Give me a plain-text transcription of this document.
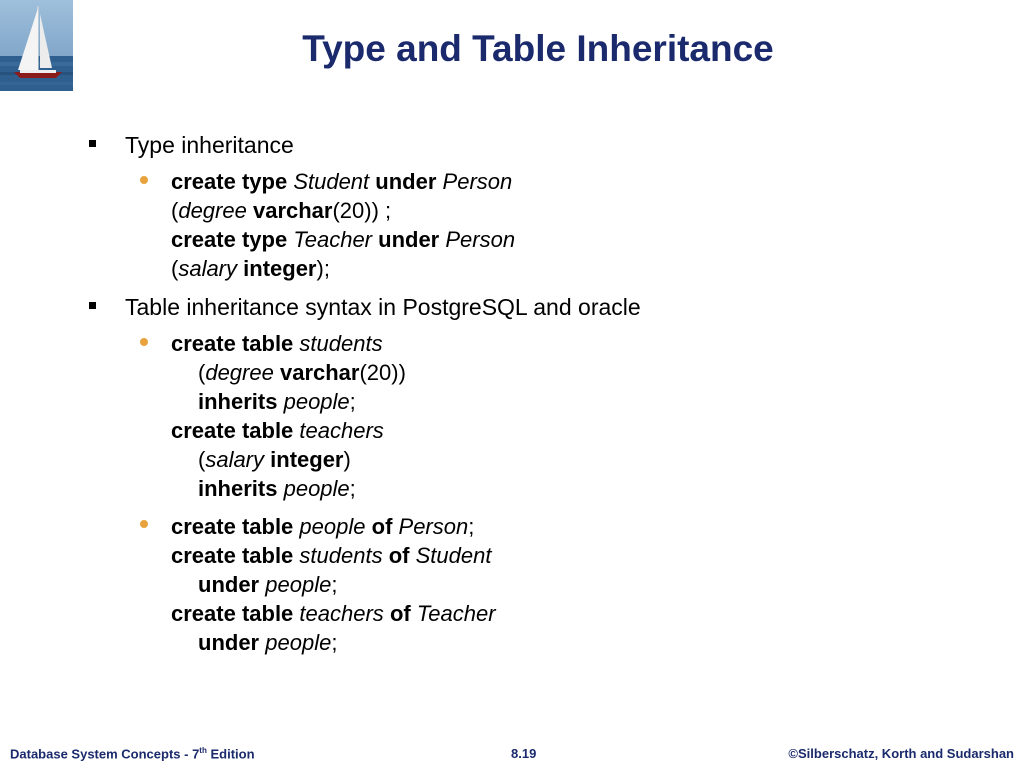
Type and Table Inheritance
Type inheritance
create type Student under Person
(degree varchar(20)) ;
create type Teacher under Person
(salary integer);
Table inheritance syntax in PostgreSQL and oracle
create table students
(degree varchar(20))
inherits people;
create table teachers
(salary integer)
inherits people;
create table people of Person;
create table students of Student
under people;
create table teachers of Teacher
under people;
Database System Concepts - 7th Edition	8.19	©Silberschatz, Korth and Sudarshan
